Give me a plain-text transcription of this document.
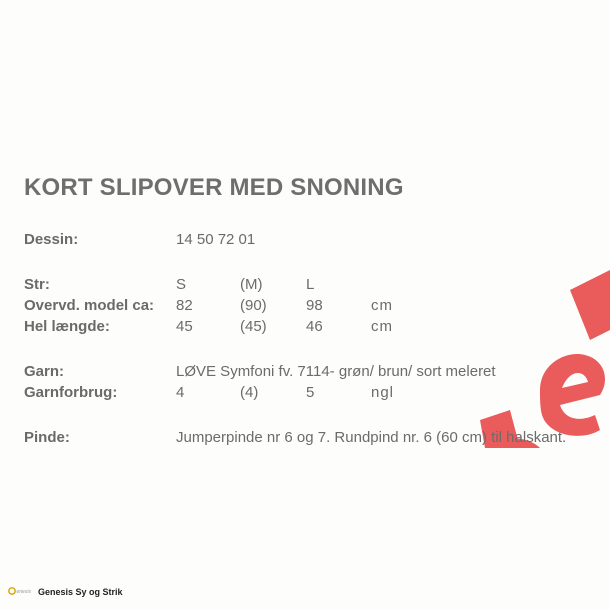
KORT SLIPOVER MED SNONING
Dessin:	14 50 72 01
Str:	S	(M)	L
Overvd. model ca: 82	(90)	98	cm
Hel længde:	45	(45)	46	cm
Garn:	LØVE Symfoni fv. 7114- grøn/ brun/ sort meleret
Garnforbrug:	4	(4)	5	ngl
Pinde:	Jumperpinde nr 6 og 7. Rundpind nr. 6 (60 cm) til halskant.
enesis Genesis Sy og Strik
